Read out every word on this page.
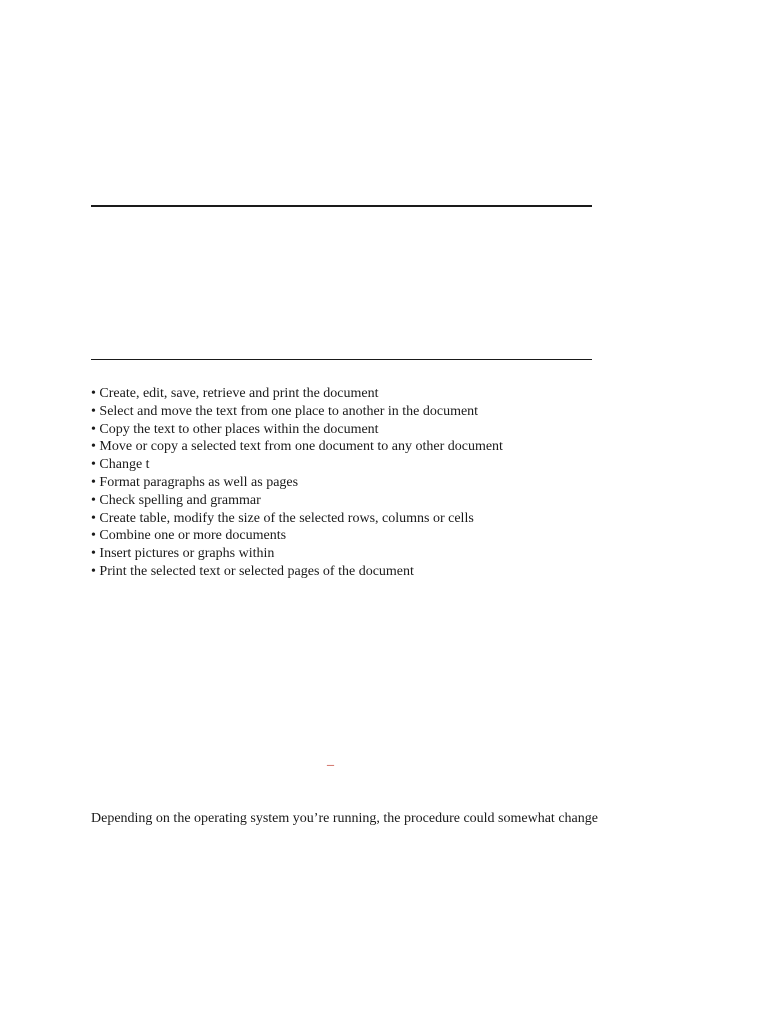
• Create, edit, save, retrieve and print the document
• Select and move the text from one place to another in the document
• Copy the text to other places within the document
• Move or copy a selected text from one document to any other document
• Change t
• Format paragraphs as well as pages
• Check spelling and grammar
• Create table, modify the size of the selected rows, columns or cells
• Combine one or more documents
• Insert pictures or graphs within
• Print the selected text or selected pages of the document
_

Depending on the operating system you’re running, the procedure could somewhat change
